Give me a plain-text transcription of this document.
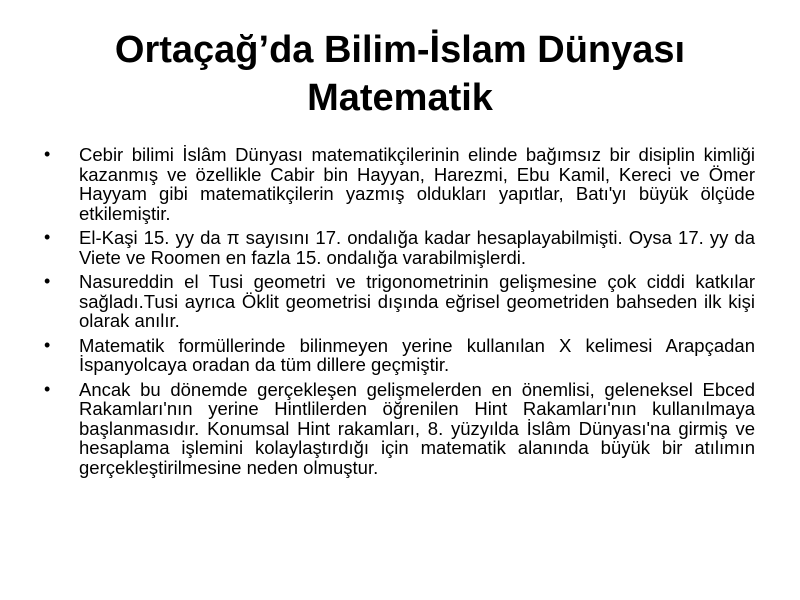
Ortaçağ’da Bilim-İslam Dünyası
Matematik
• Cebir bilimi İslâm Dünyası matematikçilerinin elinde bağımsız bir disiplin kimliği kazanmış ve özellikle Cabir bin Hayyan, Harezmi, Ebu Kamil, Kereci ve Ömer Hayyam gibi matematikçilerin yazmış oldukları yapıtlar, Batı'yı büyük ölçüde etkilemiştir.
• El-Kaşi 15. yy da π sayısını 17. ondalığa kadar hesaplayabilmişti. Oysa 17. yy da Viete ve Roomen en fazla 15. ondalığa varabilmişlerdi.
• Nasureddin el Tusi geometri ve trigonometrinin gelişmesine çok ciddi katkılar sağladı.Tusi ayrıca Öklit geometrisi dışında eğrisel geometriden bahseden ilk kişi olarak anılır.
• Matematik formüllerinde bilinmeyen yerine kullanılan X kelimesi Arapçadan İspanyolcaya oradan da tüm dillere geçmiştir.
• Ancak bu dönemde gerçekleşen gelişmelerden en önemlisi, geleneksel Ebced Rakamları'nın yerine Hintlilerden öğrenilen Hint Rakamları'nın kullanılmaya başlanmasıdır. Konumsal Hint rakamları, 8. yüzyılda İslâm Dünyası'na girmiş ve hesaplama işlemini kolaylaştırdığı için matematik alanında büyük bir atılımın gerçekleştirilmesine neden olmuştur.
